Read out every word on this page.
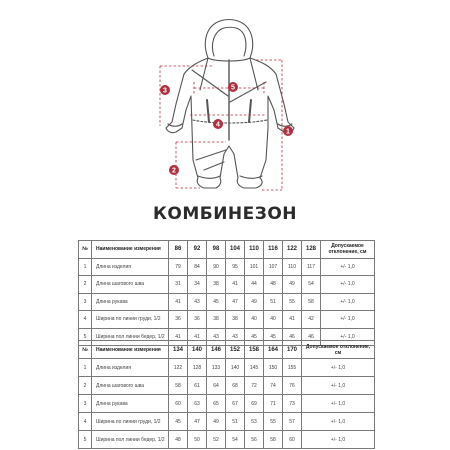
1
2
3
4
5
КОМБИНЕЗОН
№	Наименование измерения	86	92	98	104	110	116	122	128	Допускаемое отклонение, см
1	Длина изделия	79	84	90	95	101	107	110	117	+/- 1,0
2	Длина шагового шва	31	34	38	41	44	48	49	54	+/- 1,0
3	Длина рукава	41	43	45	47	49	51	55	58	+/- 1,0
4	Ширина по линии груди, 1/2	36	36	38	38	40	40	41	42	+/- 1,0
5	Ширина пол линии бедер, 1/2	41	41	43	43	45	45	46	46	+/- 1,0
№	Наименование измерения	134	140	146	152	158	164	170	Допускаемое отклонение, см
1	Длина изделия	122	128	133	140	145	150	155	+/- 1,0
2	Длина шагового шва	58	61	64	68	72	74	76	+/- 1,0
3	Длина рукава	60	63	65	67	69	71	73	+/- 1,0
4	Ширина по линии груди, 1/2	45	47	49	51	53	55	57	+/- 1,0
5	Ширина пол линии бедер, 1/2	48	50	52	54	56	58	60	+/- 1,0
